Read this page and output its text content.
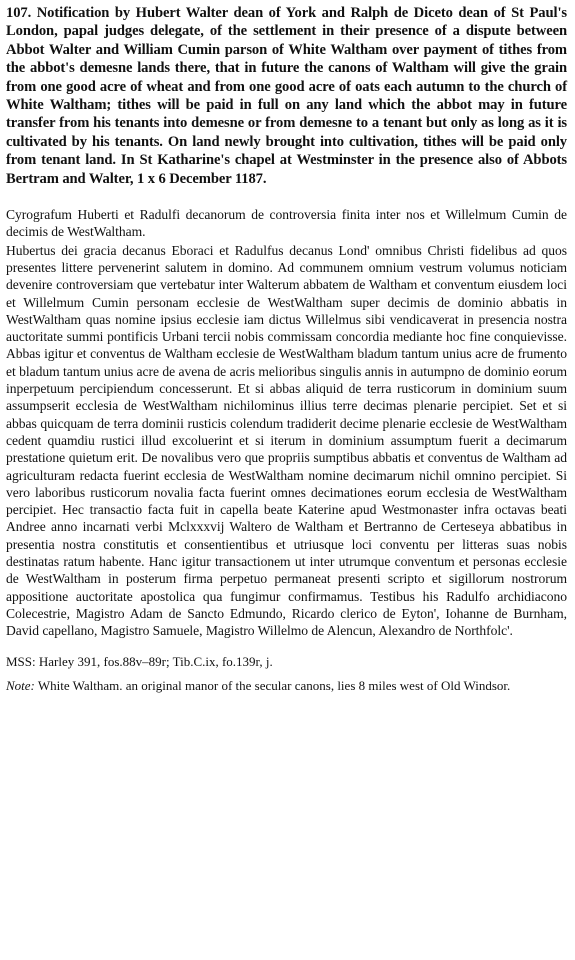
107. Notification by Hubert Walter dean of York and Ralph de Diceto dean of St Paul's London, papal judges delegate, of the settlement in their presence of a dispute between Abbot Walter and William Cumin parson of White Waltham over payment of tithes from the abbot's demesne lands there, that in future the canons of Waltham will give the grain from one good acre of wheat and from one good acre of oats each autumn to the church of White Waltham; tithes will be paid in full on any land which the abbot may in future transfer from his tenants into demesne or from demesne to a tenant but only as long as it is cultivated by his tenants. On land newly brought into cultivation, tithes will be paid only from tenant land. In St Katharine's chapel at Westminster in the presence also of Abbots Bertram and Walter, 1 x 6 December 1187.

Cyrografum Huberti et Radulfi decanorum de controversia finita inter nos et Willelmum Cumin de decimis de WestWaltham.

Hubertus dei gracia decanus Eboraci et Radulfus decanus Lond' omnibus Christi fidelibus ad quos presentes littere pervenerint salutem in domino. Ad communem omnium vestrum volumus noticiam devenire controversiam que vertebatur inter Walterum abbatem de Waltham et conventum eiusdem loci et Willelmum Cumin personam ecclesie de WestWaltham super decimis de dominio abbatis in WestWaltham quas nomine ipsius ecclesie iam dictus Willelmus sibi vendicaverat in presencia nostra auctoritate summi pontificis Urbani tercii nobis commissam concordia mediante hoc fine conquievisse. Abbas igitur et conventus de Waltham ecclesie de WestWaltham bladum tantum unius acre de frumento et bladum tantum unius acre de avena de acris melioribus singulis annis in autumpno de dominio eorum inperpetuum percipiendum concesserunt. Et si abbas aliquid de terra rusticorum in dominium suum assumpserit ecclesia de WestWaltham nichilominus illius terre decimas plenarie percipiet. Set et si abbas quicquam de terra dominii rusticis colendum tradiderit decime plenarie ecclesie de WestWaltham cedent quamdiu rustici illud excoluerint et si iterum in dominium assumptum fuerit a decimarum prestatione quietum erit. De novalibus vero que propriis sumptibus abbatis et conventus de Waltham ad agriculturam redacta fuerint ecclesia de WestWaltham nomine decimarum nichil omnino percipiet. Si vero laboribus rusticorum novalia facta fuerint omnes decimationes eorum ecclesia de WestWaltham percipiet. Hec transactio facta fuit in capella beate Katerine apud Westmonaster infra octavas beati Andree anno incarnati verbi Mclxxxvij Waltero de Waltham et Bertranno de Certeseya abbatibus in presentia nostra constitutis et consentientibus et utriusque loci conventu per litteras suas nobis destinatas ratum habente. Hanc igitur transactionem ut inter utrumque conventum et personas ecclesie de WestWaltham in posterum firma perpetuo permaneat presenti scripto et sigillorum nostrorum appositione auctoritate apostolica qua fungimur confirmamus. Testibus his Radulfo archidiacono Colecestrie, Magistro Adam de Sancto Edmundo, Ricardo clerico de Eyton', Iohanne de Burnham, David capellano, Magistro Samuele, Magistro Willelmo de Alencun, Alexandro de Northfolc'.

MSS: Harley 391, fos.88v–89r; Tib.C.ix, fo.139r, j.

Note: White Waltham. an original manor of the secular canons, lies 8 miles west of Old Windsor.
